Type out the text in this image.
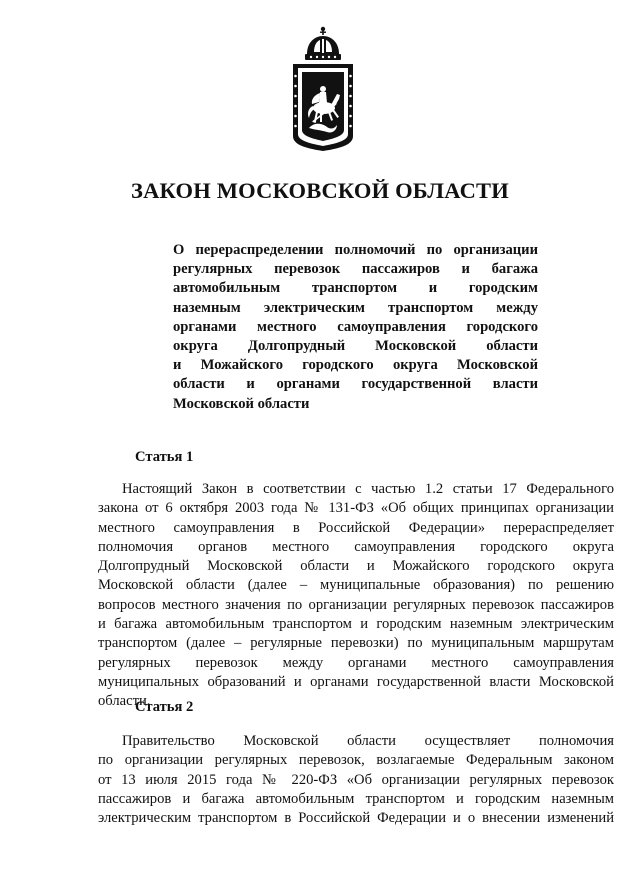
ЗАКОН МОСКОВСКОЙ ОБЛАСТИ
О перераспределении полномочий по организации
регулярных перевозок пассажиров и багажа
автомобильным транспортом и городским
наземным электрическим транспортом между
органами местного самоуправления городского
округа Долгопрудный Московской области
и Можайского городского округа Московской
области и органами государственной власти
Московской области
Статья 1
Настоящий Закон в соответствии с частью 1.2 статьи 17 Федерального
закона от 6 октября 2003 года № 131-ФЗ «Об общих принципах организации
местного самоуправления в Российской Федерации» перераспределяет
полномочия органов местного самоуправления городского округа
Долгопрудный Московской области и Можайского городского округа
Московской области (далее – муниципальные образования) по решению
вопросов местного значения по организации регулярных перевозок пассажиров
и багажа автомобильным транспортом и городским наземным электрическим
транспортом (далее – регулярные перевозки) по муниципальным маршрутам
регулярных перевозок между органами местного самоуправления
муниципальных образований и органами государственной власти Московской
области.
Статья 2
Правительство Московской области осуществляет полномочия
по организации регулярных перевозок, возлагаемые Федеральным законом
от 13 июля 2015 года № 220-ФЗ «Об организации регулярных перевозок
пассажиров и багажа автомобильным транспортом и городским наземным
электрическим транспортом в Российской Федерации и о внесении изменений
